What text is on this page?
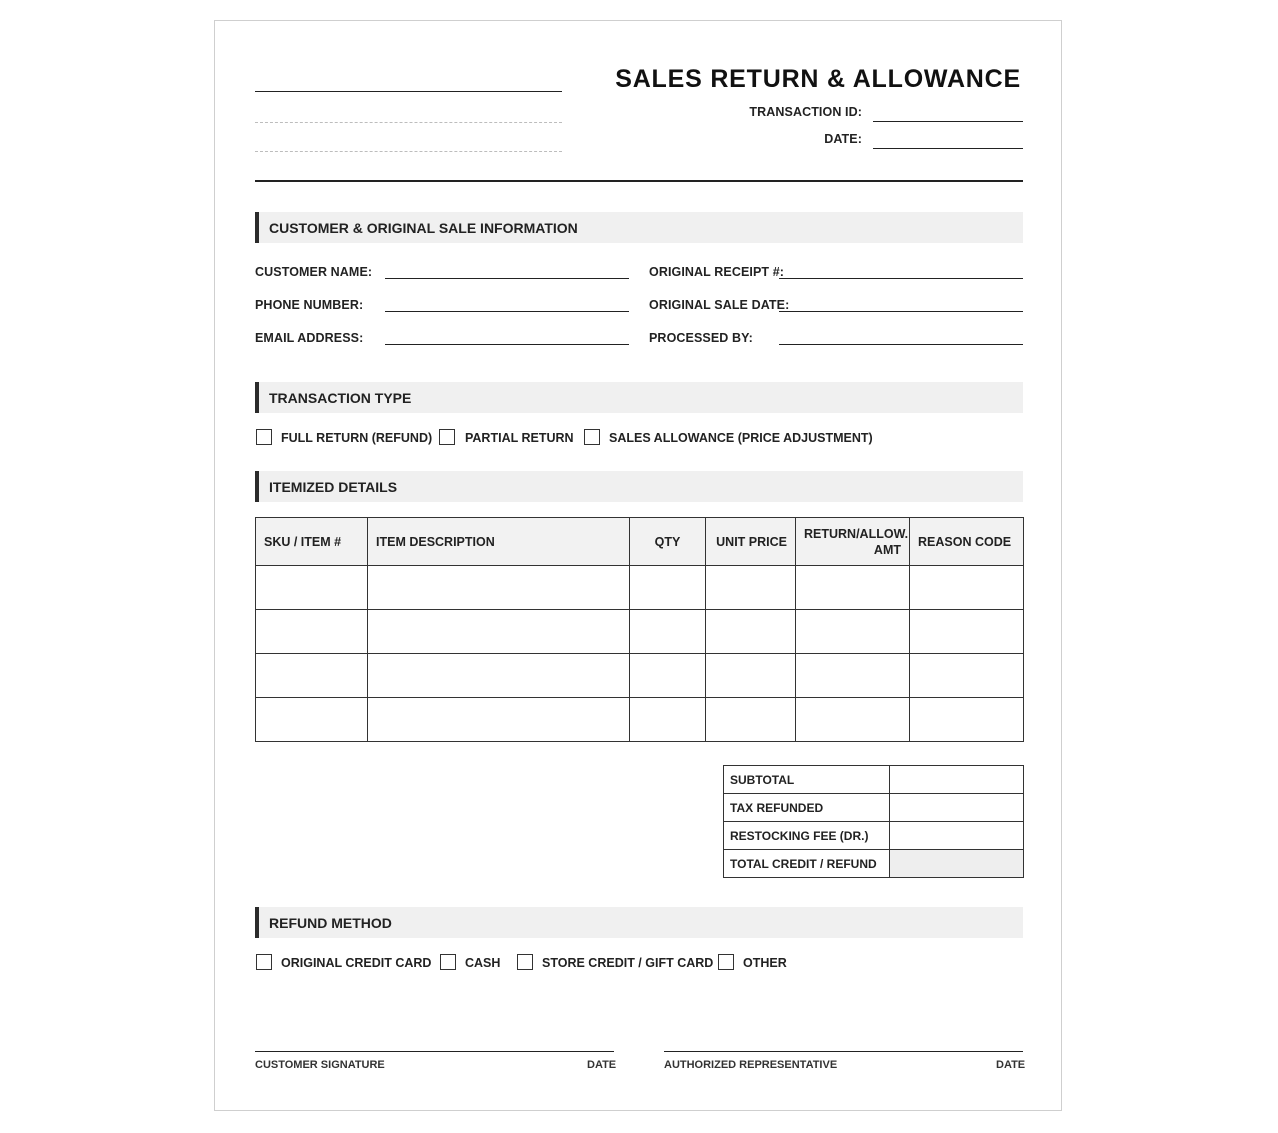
SALES RETURN & ALLOWANCE
TRANSACTION ID:
DATE:
CUSTOMER & ORIGINAL SALE INFORMATION
CUSTOMER NAME:
PHONE NUMBER:
EMAIL ADDRESS:
ORIGINAL RECEIPT #:
ORIGINAL SALE DATE:
PROCESSED BY:
TRANSACTION TYPE
FULL RETURN (REFUND)	PARTIAL RETURN	SALES ALLOWANCE (PRICE ADJUSTMENT)
ITEMIZED DETAILS
SKU / ITEM #	ITEM DESCRIPTION	QTY	UNIT PRICE	RETURN/ALLOW. AMT	REASON CODE

SUBTOTAL	
TAX REFUNDED	
RESTOCKING FEE (DR.)	
TOTAL CREDIT / REFUND	
REFUND METHOD
ORIGINAL CREDIT CARD	CASH	STORE CREDIT / GIFT CARD OTHER
CUSTOMER SIGNATURE	DATE	AUTHORIZED REPRESENTATIVE	DATE
